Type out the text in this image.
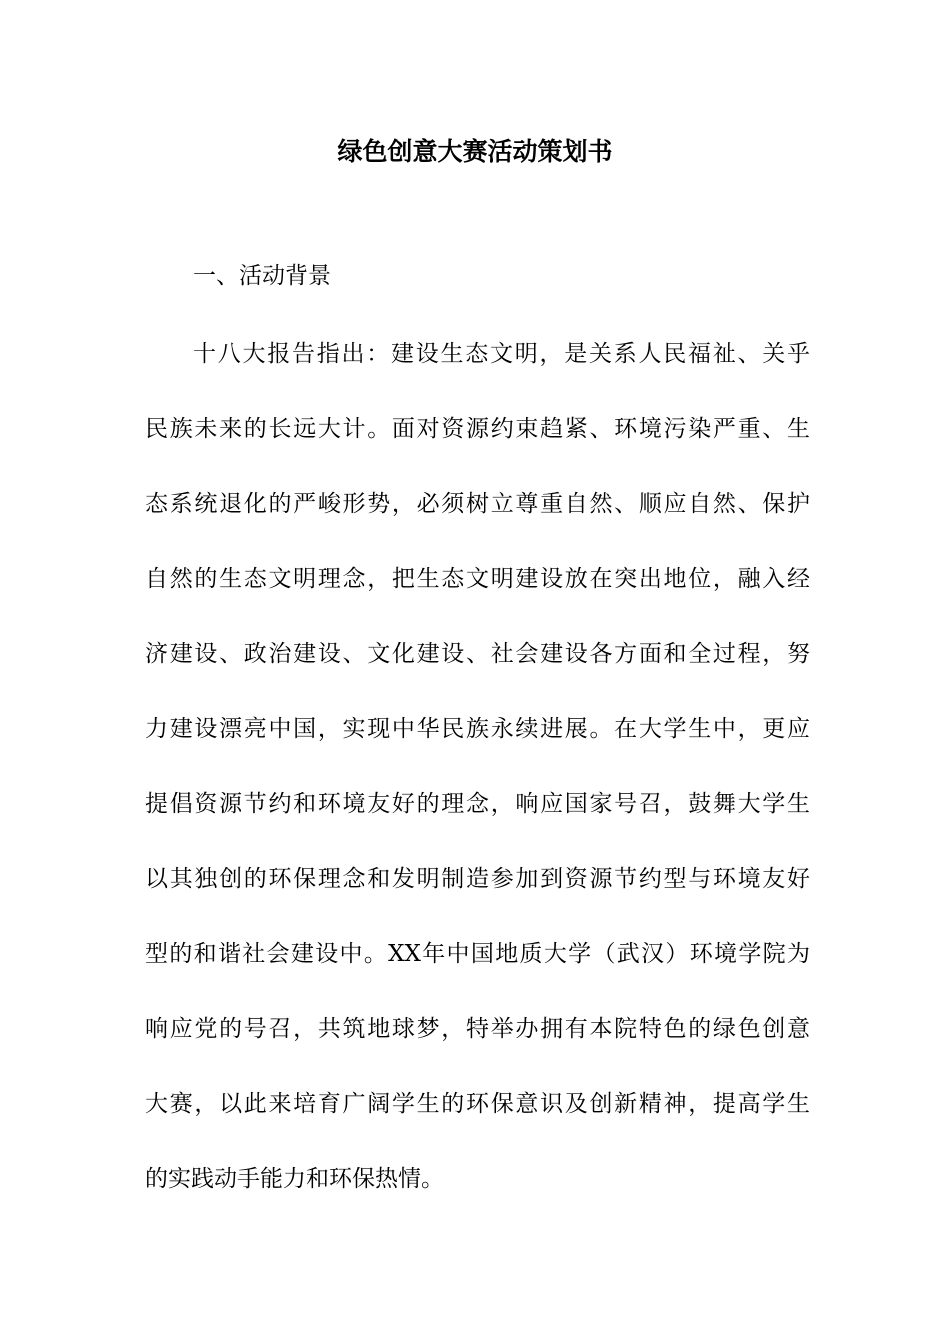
绿色创意大赛活动策划书

一、活动背景

十八大报告指出：建设生态文明，是关系人民福祉、关乎

民族未来的长远大计。面对资源约束趋紧、环境污染严重、生

态系统退化的严峻形势，必须树立尊重自然、顺应自然、保护

自然的生态文明理念，把生态文明建设放在突出地位，融入经

济建设、政治建设、文化建设、社会建设各方面和全过程，努

力建设漂亮中国，实现中华民族永续进展。在大学生中，更应

提倡资源节约和环境友好的理念，响应国家号召，鼓舞大学生

以其独创的环保理念和发明制造参加到资源节约型与环境友好

型的和谐社会建设中。XX年中国地质大学（武汉）环境学院为

响应党的号召，共筑地球梦，特举办拥有本院特色的绿色创意

大赛，以此来培育广阔学生的环保意识及创新精神，提高学生

的实践动手能力和环保热情。
